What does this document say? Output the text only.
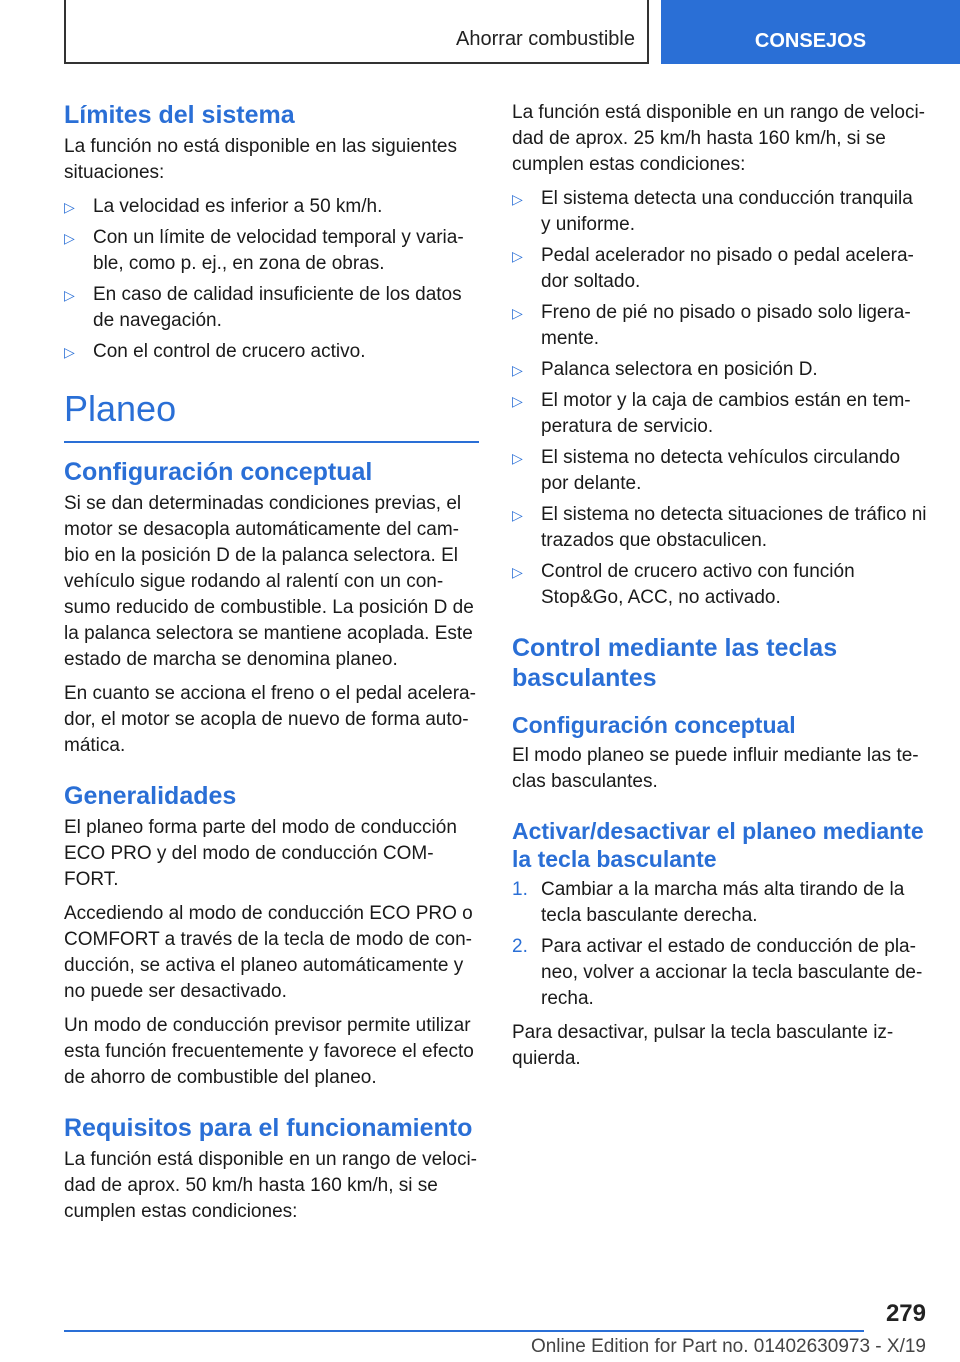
Ahorrar combustible	CONSEJOS
Límites del sistema

La función no está disponible en las siguientes situaciones:

▷ La velocidad es inferior a 50 km/h.
▷ Con un límite de velocidad temporal y varia‐ ble, como p. ej., en zona de obras.
▷ En caso de calidad insuficiente de los datos de navegación.
▷ Con el control de crucero activo.
Planeo
Configuración conceptual

Si se dan determinadas condiciones previas, el motor se desacopla automáticamente del cam‐ bio en la posición D de la palanca selectora. El vehículo sigue rodando al ralentí con un con‐ sumo reducido de combustible. La posición D de la palanca selectora se mantiene acoplada. Este estado de marcha se denomina planeo.

En cuanto se acciona el freno o el pedal acelera‐ dor, el motor se acopla de nuevo de forma auto‐ mática.

Generalidades

El planeo forma parte del modo de conducción ECO PRO y del modo de conducción COM‐ FORT.

Accediendo al modo de conducción ECO PRO o COMFORT a través de la tecla de modo de con‐ ducción, se activa el planeo automáticamente y no puede ser desactivado.

Un modo de conducción previsor permite utilizar esta función frecuentemente y favorece el efecto de ahorro de combustible del planeo.

Requisitos para el funcionamiento

La función está disponible en un rango de veloci‐ dad de aprox. 50 km/h hasta 160 km/h, si se cumplen estas condiciones:

La función está disponible en un rango de veloci‐ dad de aprox. 25 km/h hasta 160 km/h, si se cumplen estas condiciones:

▷ El sistema detecta una conducción tranquila y uniforme.
▷ Pedal acelerador no pisado o pedal acelera‐ dor soltado.
▷ Freno de pié no pisado o pisado solo ligera‐ mente.
▷ Palanca selectora en posición D.
▷ El motor y la caja de cambios están en tem‐ peratura de servicio.
▷ El sistema no detecta vehículos circulando por delante.
▷ El sistema no detecta situaciones de tráfico ni trazados que obstaculicen.
▷ Control de crucero activo con función Stop&Go, ACC, no activado.
Control mediante las teclas basculantes
Configuración conceptual

El modo planeo se puede influir mediante las te‐ clas basculantes.

Activar/desactivar el planeo mediante la tecla basculante
1. Cambiar a la marcha más alta tirando de la tecla basculante derecha.
2. Para activar el estado de conducción de pla‐ neo, volver a accionar la tecla basculante de‐ recha.

Para desactivar, pulsar la tecla basculante iz‐ quierda.

279
Online Edition for Part no. 01402630973 - X/19
